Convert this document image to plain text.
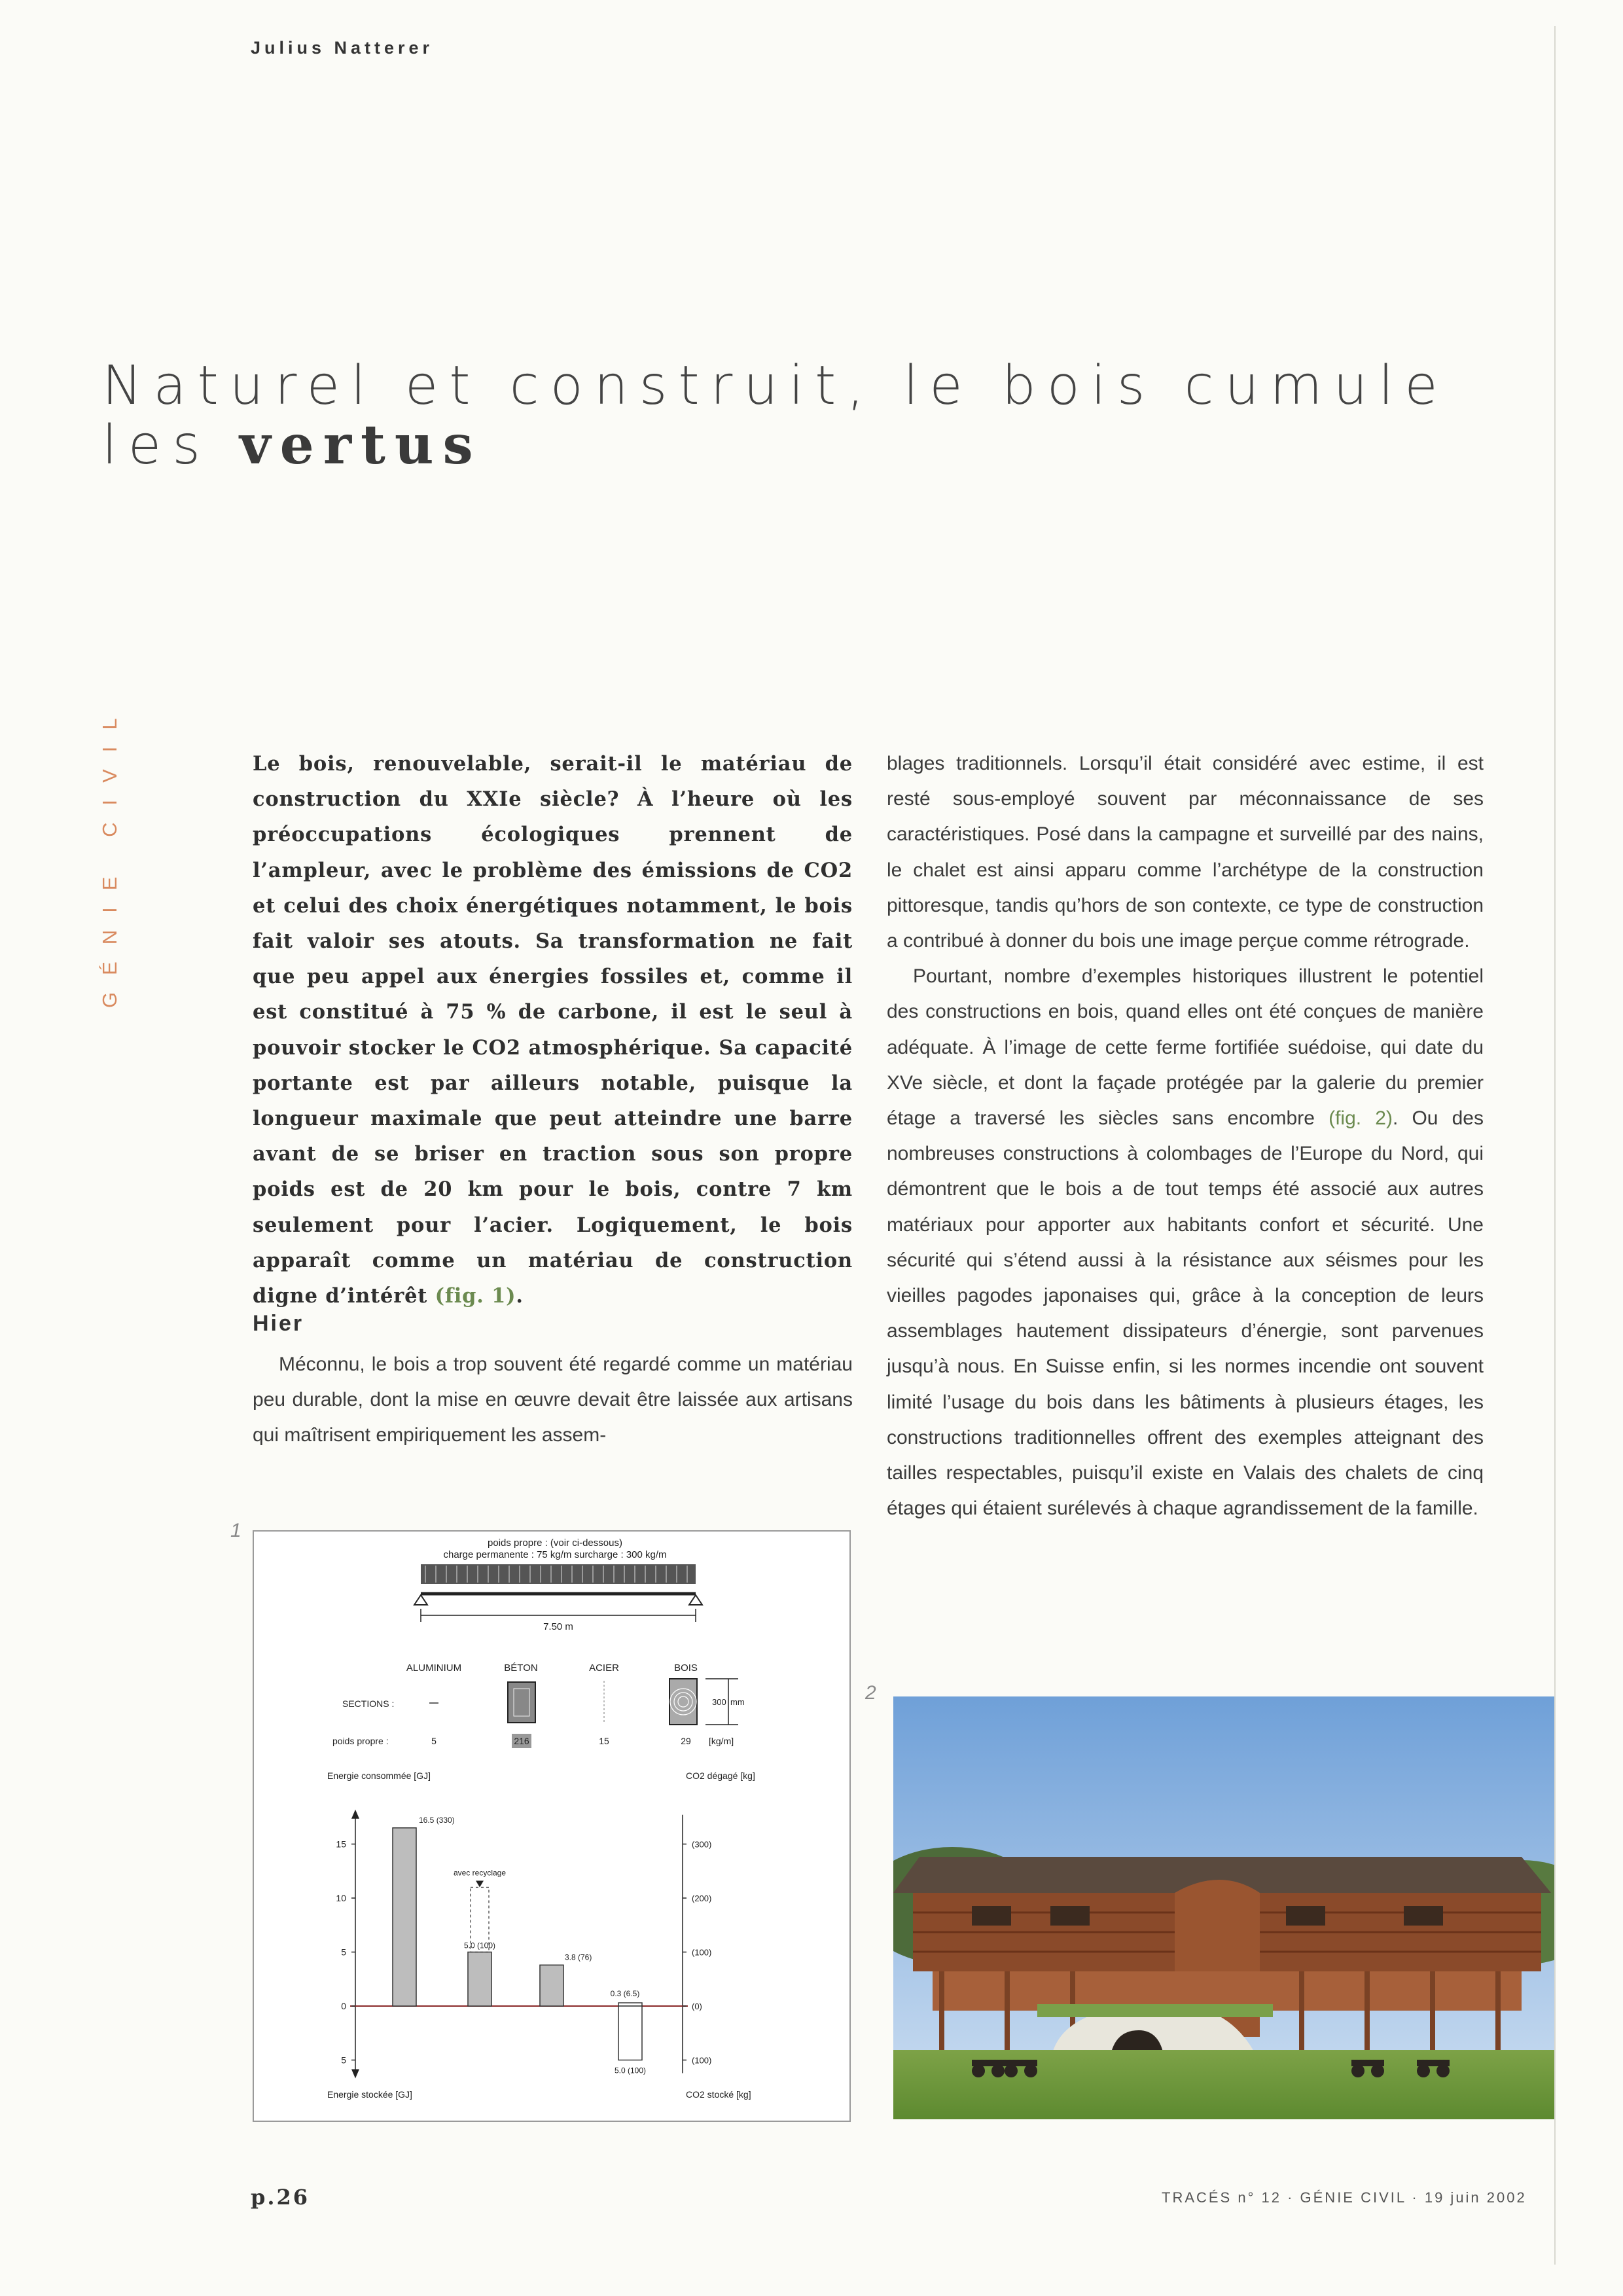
Julius Natterer
Naturel et construit, le bois cumule
les vertus
GÉNIE CIVIL	Le bois, renouvelable, serait-il le matériau de construction du XXIe siècle? À l’heure où les préoccupations écologiques prennent de l’ampleur, avec le problème des émissions de CO2 et celui des choix énergétiques notamment, le bois fait valoir ses atouts. Sa transformation ne fait que peu appel aux énergies fossiles et, comme il est constitué à 75 % de carbone, il est le seul à pouvoir stocker le CO2 atmosphérique. Sa capacité portante est par ailleurs notable, puisque la longueur maximale que peut atteindre une barre avant de se briser en traction sous son propre poids est de 20 km pour le bois, contre 7 km seulement pour l’acier. Logiquement, le bois apparaît comme un matériau de construction digne d’intérêt (fig. 1).
Hier

Méconnu, le bois a trop souvent été regardé comme un matériau peu durable, dont la mise en œuvre devait être laissée aux artisans qui maîtrisent empiriquement les assem-

blages traditionnels. Lorsqu’il était considéré avec estime, il est resté sous-employé souvent par méconnaissance de ses caractéristiques. Posé dans la campagne et surveillé par des nains, le chalet est ainsi apparu comme l’archétype de la construction pittoresque, tandis qu’hors de son contexte, ce type de construction a contribué à donner du bois une image perçue comme rétrograde.

Pourtant, nombre d’exemples historiques illustrent le potentiel des constructions en bois, quand elles ont été conçues de manière adéquate. À l’image de cette ferme fortifiée suédoise, qui date du XVe siècle, et dont la façade protégée par la galerie du premier étage a traversé les siècles sans encombre (fig. 2). Ou des nombreuses constructions à colombages de l’Europe du Nord, qui démontrent que le bois a de tout temps été associé aux autres matériaux pour apporter aux habitants confort et sécurité. Une sécurité qui s’étend aussi à la résistance aux séismes pour les vieilles pagodes japonaises qui, grâce à la conception de leurs assemblages hautement dissipateurs d’énergie, sont parvenues jusqu’à nous. En Suisse enfin, si les normes incendie ont souvent limité l’usage du bois dans les bâtiments à plusieurs étages, les constructions traditionnelles offrent des exemples atteignant des tailles respectables, puisqu’il existe en Valais des chalets de cinq étages qui étaient surélevés à chaque agrandissement de la famille.

1
2
poids propre : (voir ci-dessous)
charge permanente : 75 kg/m surcharge : 300 kg/m
7.50 m
ALUMINIUM	BÉTON	ACIER	BOIS
SECTIONS :	300 mm
poids propre :	5	216	15	29 [kg/m]
Energie consommée [GJ]	CO2 dégagé [kg]
15	(300)
10	(200)
5	(100)
0	(0)
5	(100)
avec recyclage
16.5 (330)
5.0 (100)
3.8 (76)
0.3 (6.5)
5.0 (100)
Energie stockée [GJ]	CO2 stocké [kg]
p.26	TRACÉS n° 12 · GÉNIE CIVIL · 19 juin 2002
